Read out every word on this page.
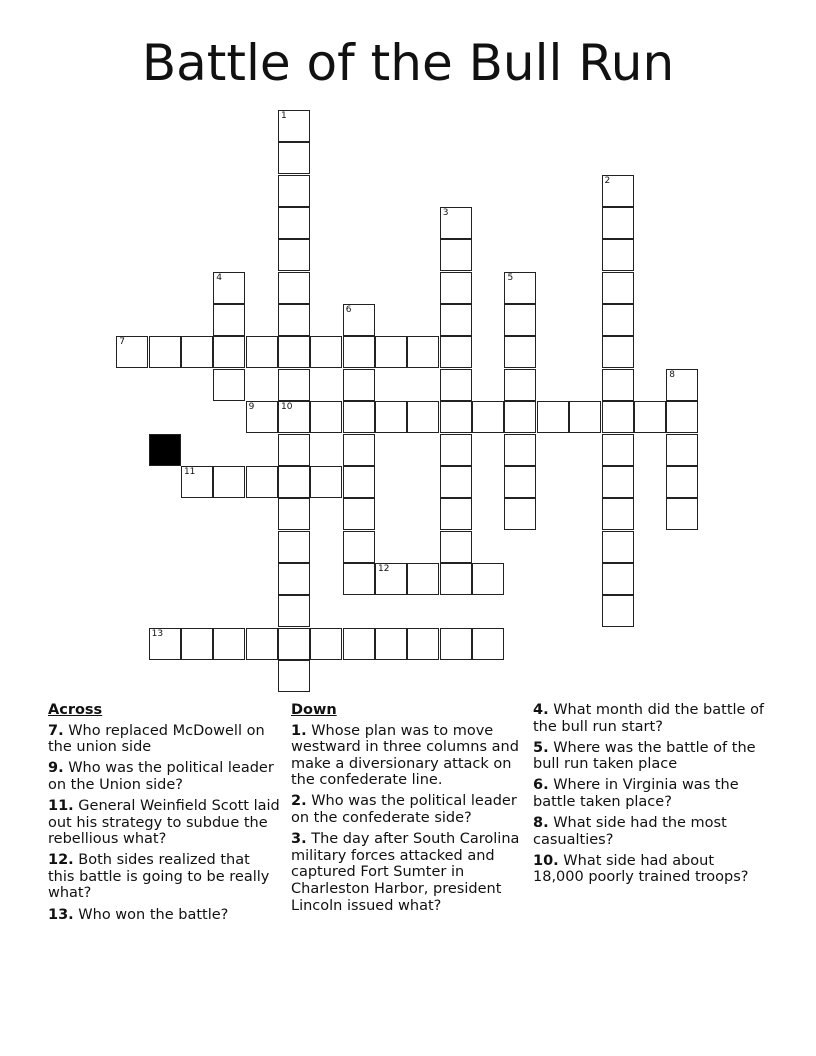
Battle of the Bull Run
1
10
2
3
4	5
6
7
8
9
11
12
13
Across
7. Who replaced McDowell on the union side
9. Who was the political leader on the Union side?
11. General Weinfield Scott laid out his strategy to subdue the rebellious what?
12. Both sides realized that this battle is going to be really what?
13. Who won the battle?
Down
1. Whose plan was to move westward in three columns and make a diversionary attack on the confederate line.
2. Who was the political leader on the confederate side?
3. The day after South Carolina military forces attacked and captured Fort Sumter in Charleston Harbor, president Lincoln issued what?
4. What month did the battle of the bull run start?
5. Where was the battle of the bull run taken place
6. Where in Virginia was the battle taken place?
8. What side had the most casualties?
10. What side had about 18,000 poorly trained troops?
